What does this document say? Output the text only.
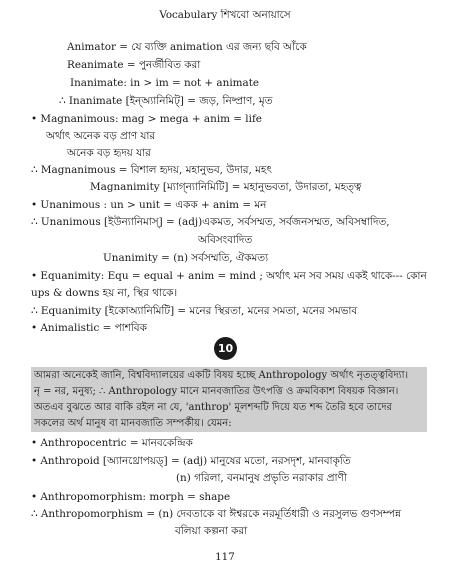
Vocabulary শিখবো অনায়াসে
Animator = যে ব্যক্তি animation এর জন্য ছবি আঁকে
Reanimate = পুনর্জীবিত করা
Inanimate: in > im = not + animate
∴ Inanimate [ইন্‌অ্যানিমিট্] = জড়, নিষ্প্রাণ, মৃত
• Magnanimous: mag > mega + anim = life
অর্থাৎ অনেক বড় প্রাণ যার
অনেক বড় হৃদয় যার
∴ Magnanimous = বিশাল হৃদয়, মহানুভব, উদার, মহৎ
Magnanimity [ম্যাগ্‌ন্যানিমিটি] = মহানুভবতা, উদারতা, মহত্ত্ব
• Unanimous : un > unit = একক + anim = মন
∴ Unanimous [ইউন্যানিমাস্] = (adj)একমত, সর্বসম্মত, সর্বজনসম্মত, অবিসম্বাদিত,
অবিসংবাদিত
Unanimity = (n) সর্বসম্মতি, ঐকমত্য
• Equanimity: Equ = equal + anim = mind ; অর্থাৎ মন সব সময় একই থাকে--- কোন
ups & downs হয় না, স্থির থাকে।
∴ Equanimity [ইকোঅ্যানিমিটি] = মনের স্থিরতা, মনের সমতা, মনের সমভাব
• Animalistic = পাশবিক
10
আমরা অনেকেই জানি, বিশ্ববিদ্যালয়ের একটি বিষয় হচ্ছে Anthropology অর্থাৎ নৃতত্ত্ববিদ্যা।
নৃ = নর, মনুষ্য; ∴ Anthropology মানে মানবজাতির উৎপত্তি ও ক্রমবিকাশ বিষয়ক বিজ্ঞান।
অতএব বুঝতে আর বাকি রইল না যে, 'anthrop' মূলশব্দটি দিয়ে যত শব্দ তৈরি হবে তাদের
সকলের অর্থ মানুষ বা মানবজাতি সম্পর্কীয়। যেমন:
• Anthropocentric = মানবকেন্দ্রিক
• Anthropoid [অ্যানথ্রোপয়ড্] = (adj) মানুষের মতো, নরসদৃশ, মানবাকৃতি
(n) গরিলা, বনমানুষ প্রভৃতি নরাকার প্রাণী
• Anthropomorphism: morph = shape
∴ Anthropomorphism = (n) দেবতাকে বা ঈশ্বরকে নরমূর্তিধারী ও নরসুলভ গুণসম্পন্ন
বলিয়া কল্পনা করা
117
